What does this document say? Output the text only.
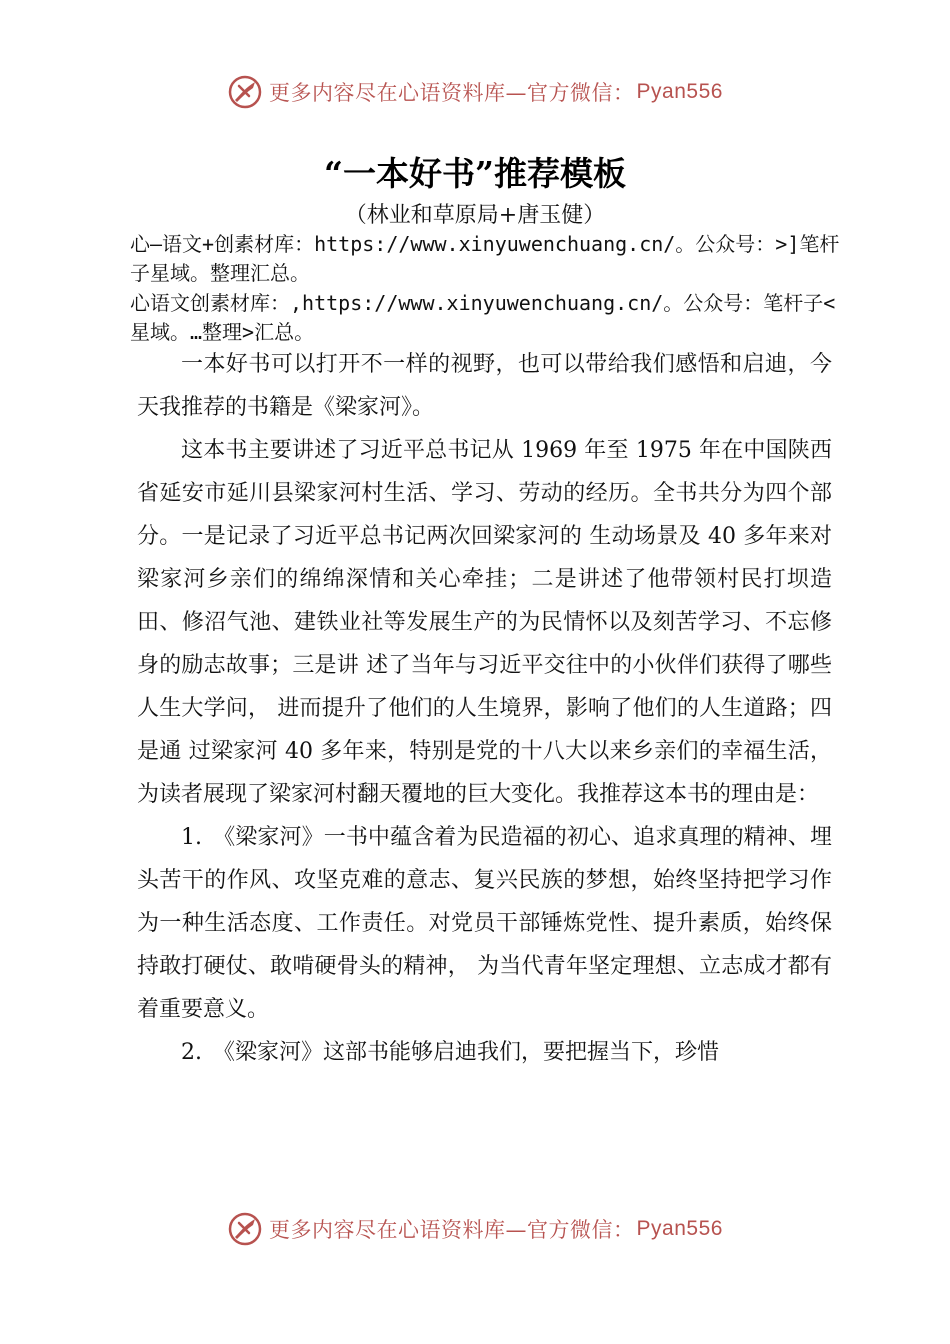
更多内容尽在心语资料库—官方微信： Pyan556
“一本好书”推荐模板
（林业和草原局+唐玉健）
心—语文+创素材库：https://www.xinyuwenchuang.cn/。公众号：>]笔杆子星域。整理汇总。
心语文创素材库：,https://www.xinyuwenchuang.cn/。公众号：笔杆子<星域。…整理>汇总。

一本好书可以打开不一样的视野，也可以带给我们感悟和启迪，今天我推荐的书籍是《梁家河》。

这本书主要讲述了习近平总书记从 1969 年至 1975 年在中国陕西省延安市延川县梁家河村生活、学习、劳动的经历。全书共分为四个部分。一是记录了习近平总书记两次回梁家河的 生动场景及 40 多年来对梁家河乡亲们的绵绵深情和关心牵挂；二是讲述了他带领村民打坝造田、修沼气池、建铁业社等发展生产的为民情怀以及刻苦学习、不忘修身的励志故事；三是讲 述了当年与习近平交往中的小伙伴们获得了哪些人生大学问， 进而提升了他们的人生境界，影响了他们的人生道路；四是通 过梁家河 40 多年来，特别是党的十八大以来乡亲们的幸福生活，为读者展现了梁家河村翻天覆地的巨大变化。我推荐这本书的理由是：

1.　《梁家河》一书中蕴含着为民造福的初心、追求真理的精神、埋头苦干的作风、攻坚克难的意志、复兴民族的梦想，始终坚持把学习作为一种生活态度、工作责任。对党员干部锤炼党性、提升素质，始终保持敢打硬仗、敢啃硬骨头的精神， 为当代青年坚定理想、立志成才都有着重要意义。

2.　《梁家河》这部书能够启迪我们，要把握当下，珍惜

更多内容尽在心语资料库—官方微信： Pyan556
